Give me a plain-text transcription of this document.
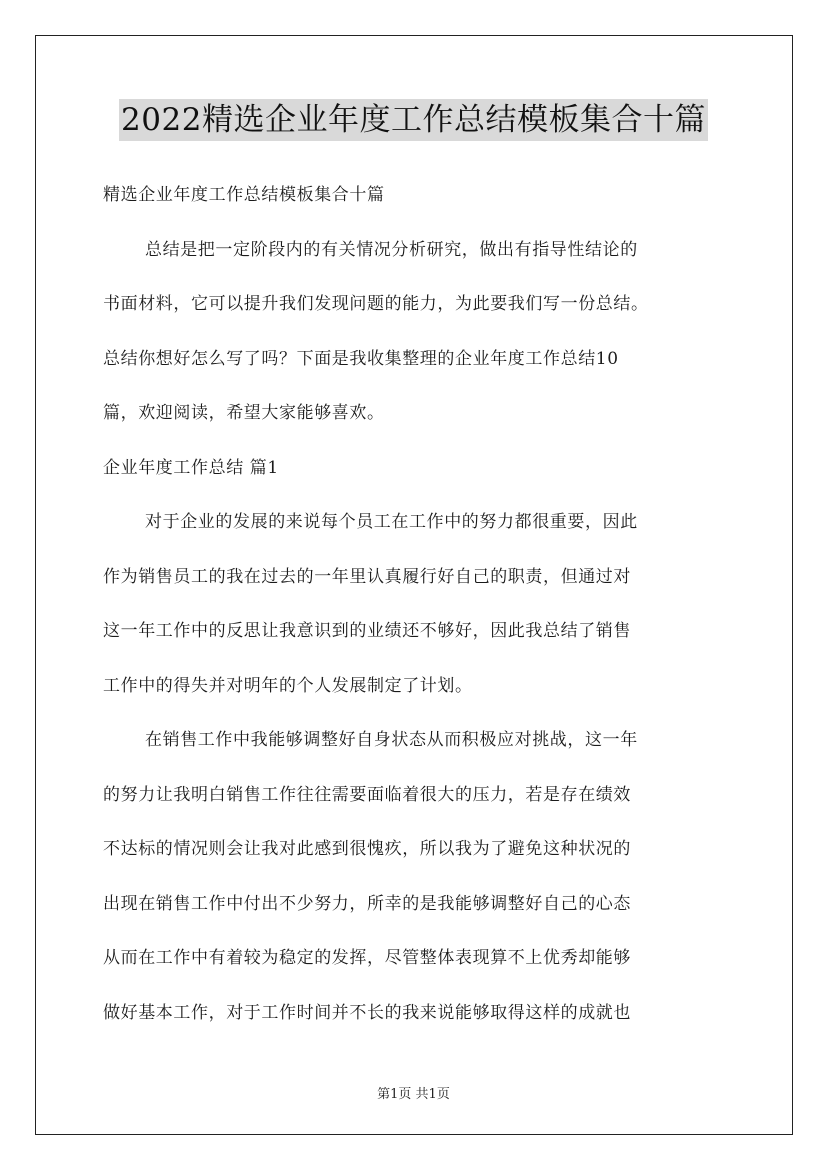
2022精选企业年度工作总结模板集合十篇
精选企业年度工作总结模板集合十篇
总结是把一定阶段内的有关情况分析研究，做出有指导性结论的
书面材料，它可以提升我们发现问题的能力，为此要我们写一份总结。
总结你想好怎么写了吗？下面是我收集整理的企业年度工作总结10
篇，欢迎阅读，希望大家能够喜欢。
企业年度工作总结 篇1
对于企业的发展的来说每个员工在工作中的努力都很重要，因此
作为销售员工的我在过去的一年里认真履行好自己的职责，但通过对
这一年工作中的反思让我意识到的业绩还不够好，因此我总结了销售
工作中的得失并对明年的个人发展制定了计划。
在销售工作中我能够调整好自身状态从而积极应对挑战，这一年
的努力让我明白销售工作往往需要面临着很大的压力，若是存在绩效
不达标的情况则会让我对此感到很愧疚，所以我为了避免这种状况的
出现在销售工作中付出不少努力，所幸的是我能够调整好自己的心态
从而在工作中有着较为稳定的发挥，尽管整体表现算不上优秀却能够
做好基本工作，对于工作时间并不长的我来说能够取得这样的成就也
第1页 共1页
